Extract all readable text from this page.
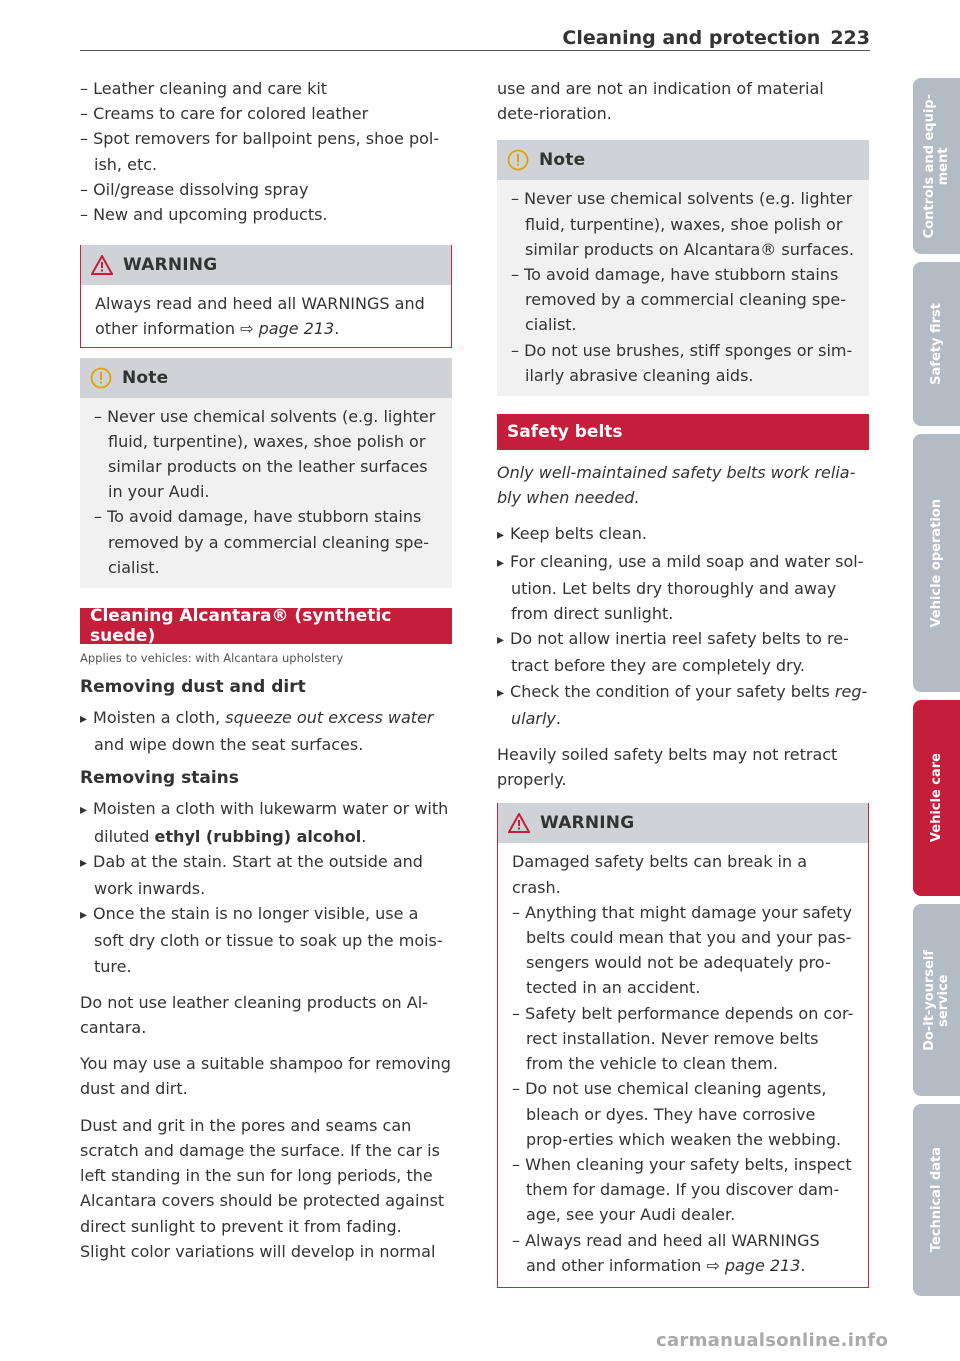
Cleaning and protection 223

– Leather cleaning and care kit

– Creams to care for colored leather

– Spot removers for ballpoint pens, shoe pol-ish, etc.

– Oil/grease dissolving spray

– New and upcoming products.

WARNING

Always read and heed all WARNINGS and other information ⇨ page 213.

Note

– Never use chemical solvents (e.g. lighter fluid, turpentine), waxes, shoe polish or similar products on the leather surfaces in your Audi.

– To avoid damage, have stubborn stains removed by a commercial cleaning spe-cialist.

Cleaning Alcantara® (synthetic suede)
Applies to vehicles: with Alcantara upholstery
Removing dust and dirt

▸ Moisten a cloth, squeeze out excess water and wipe down the seat surfaces.

Removing stains

▸ Moisten a cloth with lukewarm water or with diluted ethyl (rubbing) alcohol.

▸ Dab at the stain. Start at the outside and work inwards.

▸ Once the stain is no longer visible, use a soft dry cloth or tissue to soak up the mois-ture.

Do not use leather cleaning products on Al-cantara.

You may use a suitable shampoo for removing dust and dirt.

Dust and grit in the pores and seams can scratch and damage the surface. If the car is left standing in the sun for long periods, the Alcantara covers should be protected against direct sunlight to prevent it from fading. Slight color variations will develop in normal

use and are not an indication of material dete-rioration.

Note

– Never use chemical solvents (e.g. lighter fluid, turpentine), waxes, shoe polish or similar products on Alcantara® surfaces.

– To avoid damage, have stubborn stains removed by a commercial cleaning spe-cialist.

– Do not use brushes, stiff sponges or sim-ilarly abrasive cleaning aids.

Safety belts

Only well-maintained safety belts work relia-bly when needed.

▸ Keep belts clean.

▸ For cleaning, use a mild soap and water sol-ution. Let belts dry thoroughly and away from direct sunlight.

▸ Do not allow inertia reel safety belts to re-tract before they are completely dry.

▸ Check the condition of your safety belts reg-ularly.

Heavily soiled safety belts may not retract properly.

WARNING

Damaged safety belts can break in a crash.

– Anything that might damage your safety belts could mean that you and your pas-sengers would not be adequately pro-tected in an accident.

– Safety belt performance depends on cor-rect installation. Never remove belts from the vehicle to clean them.

– Do not use chemical cleaning agents, bleach or dyes. They have corrosive prop-erties which weaken the webbing.

– When cleaning your safety belts, inspect them for damage. If you discover dam-age, see your Audi dealer.

– Always read and heed all WARNINGS and other information ⇨ page 213.

Controls and equip-
ment
Safety first
Vehicle operation
Vehicle care
Do-it-yourself
service
Technical data
carmanualsonline.info
